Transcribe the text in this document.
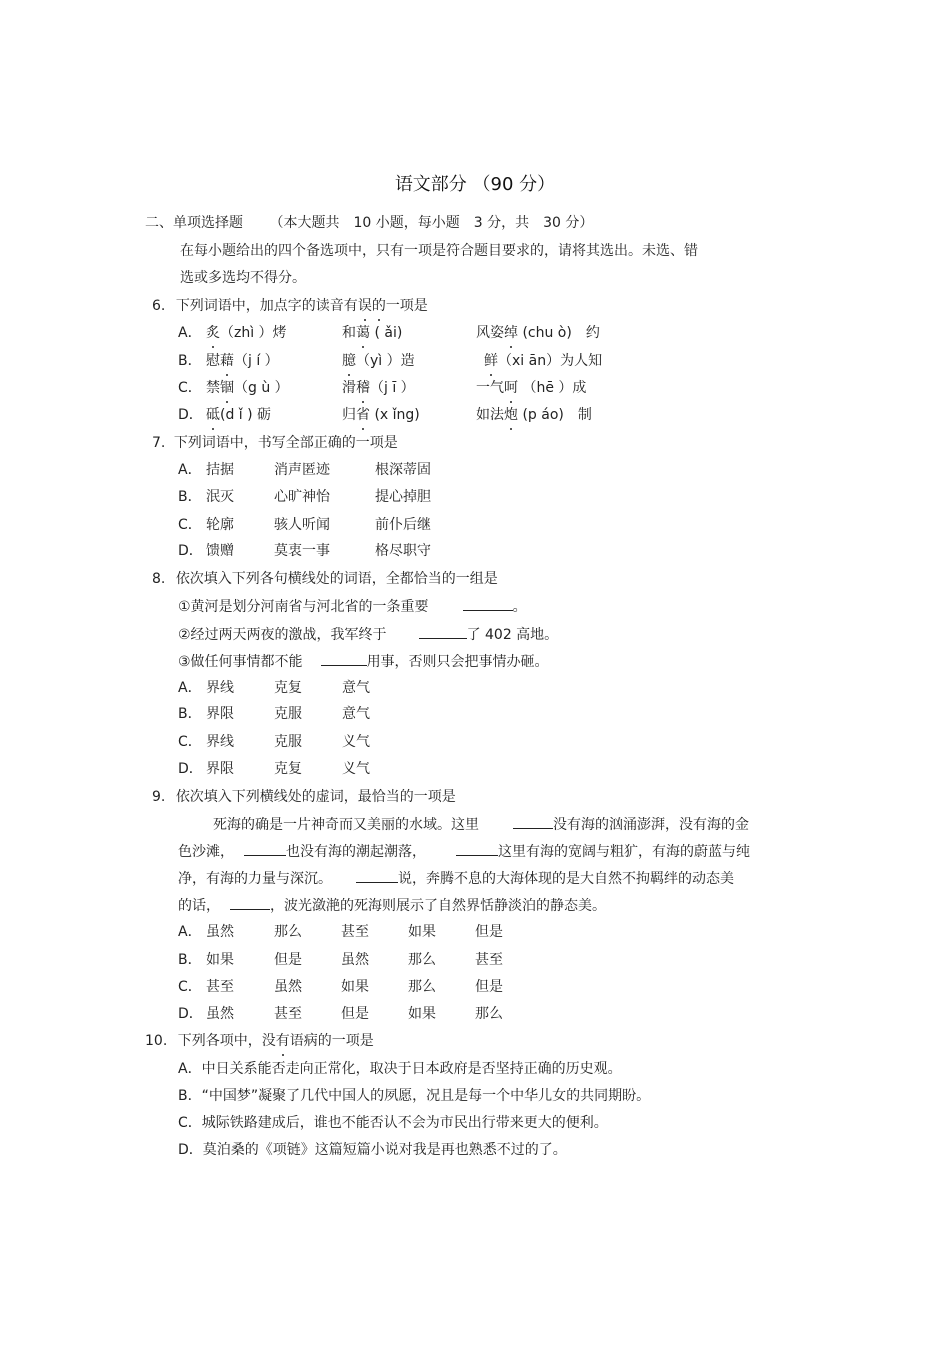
语文部分 （90 分）
二、单项选择题 （本大题共　10 小题，每小题　3 分，共　30 分）
在每小题给出的四个备选项中，只有一项是符合题目要求的，请将其选出。未选、错
选或多选均不得分。
6. 下列词语中，加点字的读音有误的一项是
A． 炙（zhì ）烤	和蔼 ( ǎi)	风姿绰 (chu ò)　约
B． 慰藉（j í ）	臆（yì ）造	鲜（xi ān）为人知
C． 禁锢（g ù ）	滑稽（j ī ）	一气呵 （hē ）成
D． 砥(d ǐ ) 砺	归省 (x ǐng)	如法炮 (p áo)　制
7. 下列词语中，书写全部正确的一项是
A． 拮据	消声匿迹	根深蒂固
B． 泯灭	心旷神怡	提心掉胆
C． 轮廓	骇人听闻	前仆后继
D． 馈赠	莫衷一事	格尽职守
8. 依次填入下列各句横线处的词语，全都恰当的一组是
①黄河是划分河南省与河北省的一条重要	。
②经过两天两夜的激战，我军终于	了 402 高地。
③做任何事情都不能	用事，否则只会把事情办砸。
A． 界线	克复	意气
B． 界限	克服	意气
C． 界线	克服	义气
D． 界限	克复	义气
9. 依次填入下列横线处的虚词，最恰当的一项是
死海的确是一片神奇而又美丽的水域。这里	没有海的汹涌澎湃，没有海的金
色沙滩，	也没有海的潮起潮落，	这里有海的宽阔与粗犷，有海的蔚蓝与纯
净，有海的力量与深沉。	说，奔腾不息的大海体现的是大自然不拘羁绊的动态美
的话，	，波光潋滟的死海则展示了自然界恬静淡泊的静态美。
A． 虽然	那么	甚至	如果	但是
B． 如果	但是	虽然	那么	甚至
C． 甚至	虽然	如果	那么	但是
D． 虽然	甚至	但是	如果	那么
10. 下列各项中，没有语病的一项是
A．中日关系能否走向正常化，取决于日本政府是否坚持正确的历史观。
B．“中国梦”凝聚了几代中国人的夙愿，况且是每一个中华儿女的共同期盼。
C．城际铁路建成后，谁也不能否认不会为市民出行带来更大的便利。
D．莫泊桑的《项链》这篇短篇小说对我是再也熟悉不过的了。
